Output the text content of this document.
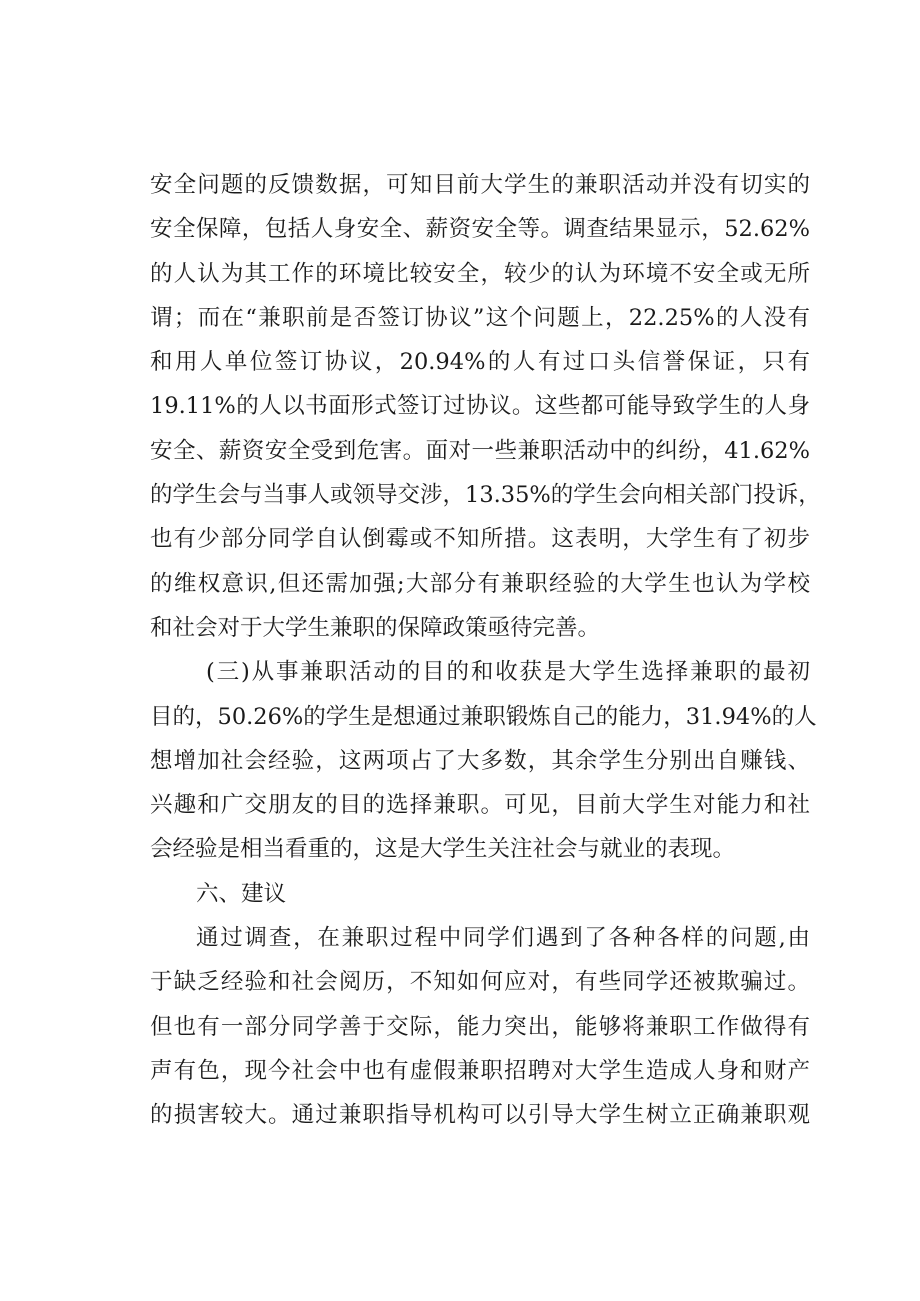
安全问题的反馈数据，可知目前大学生的兼职活动并没有切实的
安全保障，包括人身安全、薪资安全等。调查结果显示，52.62%
的人认为其工作的环境比较安全，较少的认为环境不安全或无所
谓；而在“兼职前是否签订协议”这个问题上，22.25%的人没有
和用人单位签订协议，20.94%的人有过口头信誉保证，只有
19.11%的人以书面形式签订过协议。这些都可能导致学生的人身
安全、薪资安全受到危害。面对一些兼职活动中的纠纷，41.62%
的学生会与当事人或领导交涉，13.35%的学生会向相关部门投诉，
也有少部分同学自认倒霉或不知所措。这表明，大学生有了初步
的维权意识,但还需加强;大部分有兼职经验的大学生也认为学校
和社会对于大学生兼职的保障政策亟待完善。
(三)从事兼职活动的目的和收获是大学生选择兼职的最初
目的，50.26%的学生是想通过兼职锻炼自己的能力，31.94%的人
想增加社会经验，这两项占了大多数，其余学生分别出自赚钱、
兴趣和广交朋友的目的选择兼职。可见，目前大学生对能力和社
会经验是相当看重的，这是大学生关注社会与就业的表现。
六、建议
通过调查，在兼职过程中同学们遇到了各种各样的问题,由
于缺乏经验和社会阅历，不知如何应对，有些同学还被欺骗过。
但也有一部分同学善于交际，能力突出，能够将兼职工作做得有
声有色，现今社会中也有虚假兼职招聘对大学生造成人身和财产
的损害较大。通过兼职指导机构可以引导大学生树立正确兼职观
